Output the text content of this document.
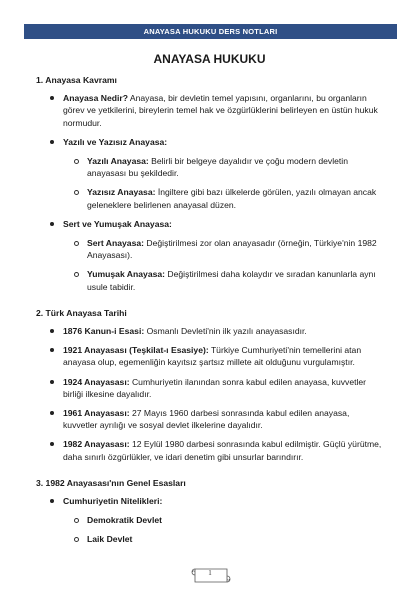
ANAYASA HUKUKU DERS NOTLARI
ANAYASA HUKUKU
1. Anayasa Kavramı
Anayasa Nedir? Anayasa, bir devletin temel yapısını, organlarını, bu organların görev ve yetkilerini, bireylerin temel hak ve özgürlüklerini belirleyen en üstün hukuk normudur.
Yazılı ve Yazısız Anayasa:
Yazılı Anayasa: Belirli bir belgeye dayalıdır ve çoğu modern devletin anayasası bu şekildedir.
Yazısız Anayasa: İngiltere gibi bazı ülkelerde görülen, yazılı olmayan ancak geleneklere belirlenen anayasal düzen.
Sert ve Yumuşak Anayasa:
Sert Anayasa: Değiştirilmesi zor olan anayasadır (örneğin, Türkiye'nin 1982 Anayasası).
Yumuşak Anayasa: Değiştirilmesi daha kolaydır ve sıradan kanunlarla aynı usule tabidir.
2. Türk Anayasa Tarihi
1876 Kanun-i Esasi: Osmanlı Devleti'nin ilk yazılı anayasasıdır.
1921 Anayasası (Teşkilat-ı Esasiye): Türkiye Cumhuriyeti'nin temellerini atan anayasa olup, egemenliğin kayıtsız şartsız millete ait olduğunu vurgulamıştır.
1924 Anayasası: Cumhuriyetin ilanından sonra kabul edilen anayasa, kuvvetler birliği ilkesine dayalıdır.
1961 Anayasası: 27 Mayıs 1960 darbesi sonrasında kabul edilen anayasa, kuvvetler ayrılığı ve sosyal devlet ilkelerine dayalıdır.
1982 Anayasası: 12 Eylül 1980 darbesi sonrasında kabul edilmiştir. Güçlü yürütme, daha sınırlı özgürlükler, ve idari denetim gibi unsurlar barındırır.
3. 1982 Anayasası'nın Genel Esasları
Cumhuriyetin Nitelikleri:
Demokratik Devlet
Laik Devlet
1
